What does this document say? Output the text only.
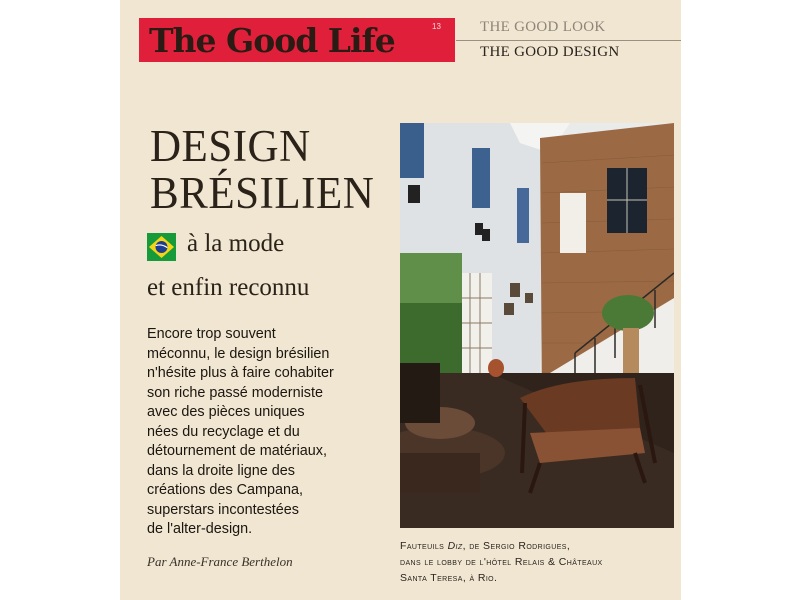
The Good Life	13	THE GOOD LOOK
THE GOOD DESIGN
DESIGN
BRÉSILIEN
à la mode
et enfin reconnu
Encore trop souvent
méconnu, le design brésilien
n'hésite plus à faire cohabiter
son riche passé moderniste
avec des pièces uniques
nées du recyclage et du
détournement de matériaux,
dans la droite ligne des
créations des Campana,
superstars incontestées
de l'alter-design.
Par Anne-France Berthelon
Fauteuils Diz, de Sergio Rodrigues,
dans le lobby de l'hôtel Relais & Châteaux
Santa Teresa, à Rio.
